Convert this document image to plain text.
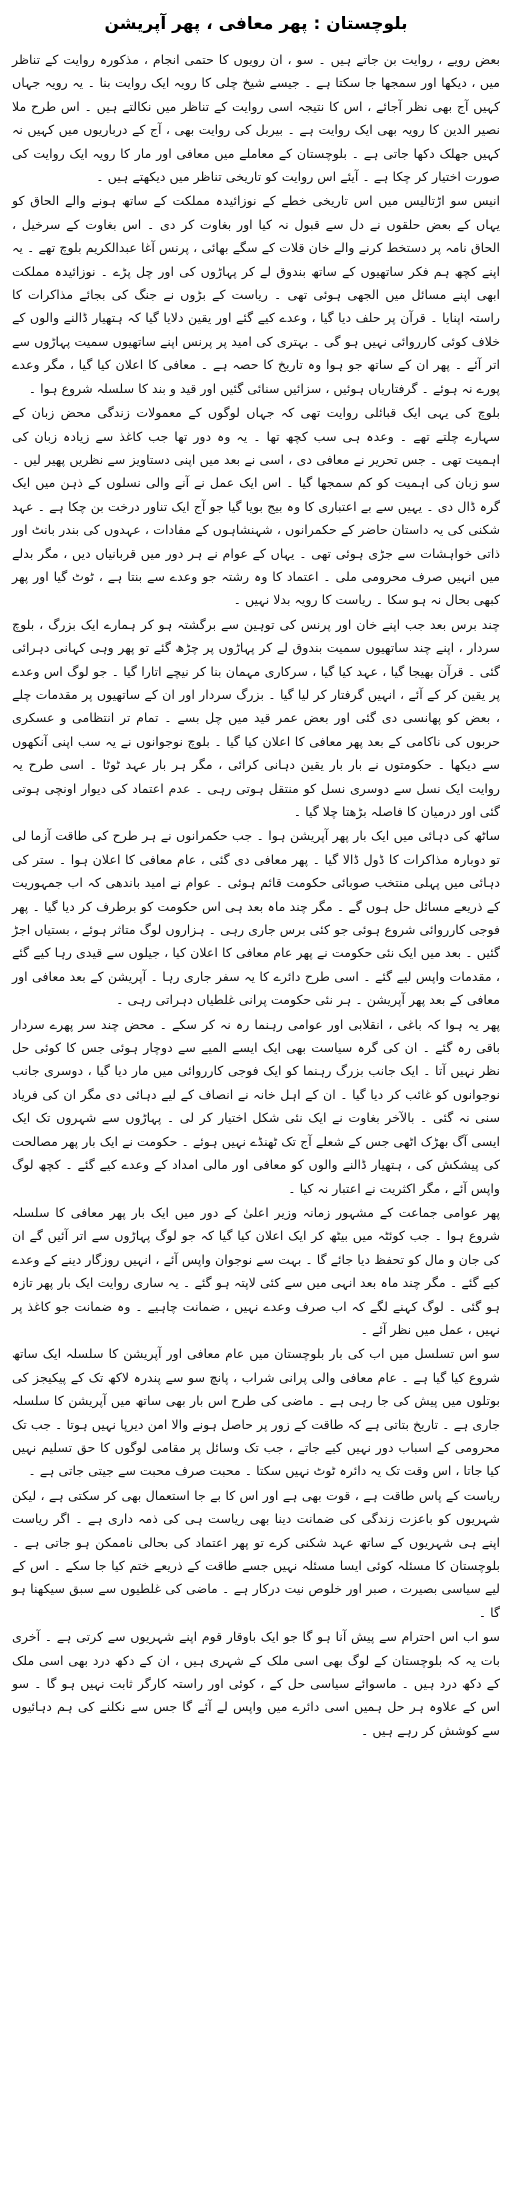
بلوچستان : پھر معافی ، پھر آپریشن

بعض رویے ، روایت بن جاتے ہیں ۔ سو ، ان رویوں کا حتمی انجام ، مذکورہ روایت کے تناظر میں ، دیکھا اور سمجھا جا سکتا ہے ۔ جیسے شیخ چلی کا رویہ ایک روایت بنا ۔ یہ رویہ جہاں کہیں آج بھی نظر آجائے ، اس کا نتیجہ اسی روایت کے تناظر میں نکالتے ہیں ۔ اس طرح ملا نصیر الدین کا رویہ بھی ایک روایت ہے ۔ بیربل کی روایت بھی ، آج کے درباریوں میں کہیں نہ کہیں جھلک دکھا جاتی ہے ۔ بلوچستان کے معاملے میں معافی اور مار کا رویہ ایک روایت کی صورت اختیار کر چکا ہے ۔ آیئے اس روایت کو تاریخی تناظر میں دیکھتے ہیں ۔

انیس سو اڑتالیس میں اس تاریخی خطے کے نوزائیدہ مملکت کے ساتھ ہونے والے الحاق کو یہاں کے بعض حلقوں نے دل سے قبول نہ کیا اور بغاوت کر دی ۔ اس بغاوت کے سرخیل ، الحاق نامہ پر دستخط کرنے والے خان قلات کے سگے بھائی ، پرنس آغا عبدالکریم بلوچ تھے ۔ یہ اپنے کچھ ہم فکر ساتھیوں کے ساتھ بندوق لے کر پہاڑوں کی اور چل پڑے ۔ نوزائیدہ مملکت ابھی اپنے مسائل میں الجھی ہوئی تھی ۔ ریاست کے بڑوں نے جنگ کی بجائے مذاکرات کا راستہ اپنایا ۔ قرآن پر حلف دیا گیا ، وعدے کیے گئے اور یقین دلایا گیا کہ ہتھیار ڈالنے والوں کے خلاف کوئی کارروائی نہیں ہو گی ۔ بہتری کی امید پر پرنس اپنے ساتھیوں سمیت پہاڑوں سے اتر آئے ۔ پھر ان کے ساتھ جو ہوا وہ تاریخ کا حصہ ہے ۔ معافی کا اعلان کیا گیا ، مگر وعدے پورے نہ ہوئے ۔ گرفتاریاں ہوئیں ، سزائیں سنائی گئیں اور قید و بند کا سلسلہ شروع ہوا ۔

بلوچ کی یہی ایک قبائلی روایت تھی کہ جہاں لوگوں کے معمولات زندگی محض زبان کے سہارے چلتے تھے ۔ وعدہ ہی سب کچھ تھا ۔ یہ وہ دور تھا جب کاغذ سے زیادہ زبان کی اہمیت تھی ۔ جس تحریر نے معافی دی ، اسی نے بعد میں اپنی دستاویز سے نظریں پھیر لیں ۔ سو زبان کی اہمیت کو کم سمجھا گیا ۔ اس ایک عمل نے آنے والی نسلوں کے ذہن میں ایک گرہ ڈال دی ۔ یہیں سے بے اعتباری کا وہ بیج بویا گیا جو آج ایک تناور درخت بن چکا ہے ۔ عہد شکنی کی یہ داستان حاضر کے حکمرانوں ، شہنشاہوں کے مفادات ، عہدوں کی بندر بانٹ اور ذاتی خواہشات سے جڑی ہوئی تھی ۔ یہاں کے عوام نے ہر دور میں قربانیاں دیں ، مگر بدلے میں انہیں صرف محرومی ملی ۔ اعتماد کا وہ رشتہ جو وعدے سے بنتا ہے ، ٹوٹ گیا اور پھر کبھی بحال نہ ہو سکا ۔ ریاست کا رویہ بدلا نہیں ۔

چند برس بعد جب اپنے خان اور پرنس کی توہین سے برگشتہ ہو کر ہمارے ایک بزرگ ، بلوچ سردار ، اپنے چند ساتھیوں سمیت بندوق لے کر پہاڑوں پر چڑھ گئے تو پھر وہی کہانی دہرائی گئی ۔ قرآن بھیجا گیا ، عہد کیا گیا ، سرکاری مہمان بنا کر نیچے اتارا گیا ۔ جو لوگ اس وعدے پر یقین کر کے آئے ، انہیں گرفتار کر لیا گیا ۔ بزرگ سردار اور ان کے ساتھیوں پر مقدمات چلے ، بعض کو پھانسی دی گئی اور بعض عمر قید میں چل بسے ۔ تمام تر انتظامی و عسکری حربوں کی ناکامی کے بعد پھر معافی کا اعلان کیا گیا ۔ بلوچ نوجوانوں نے یہ سب اپنی آنکھوں سے دیکھا ۔ حکومتوں نے بار بار یقین دہانی کرائی ، مگر ہر بار عہد ٹوٹا ۔ اسی طرح یہ روایت ایک نسل سے دوسری نسل کو منتقل ہوتی رہی ۔ عدم اعتماد کی دیوار اونچی ہوتی گئی اور درمیان کا فاصلہ بڑھتا چلا گیا ۔

ساٹھ کی دہائی میں ایک بار پھر آپریشن ہوا ۔ جب حکمرانوں نے ہر طرح کی طاقت آزما لی تو دوبارہ مذاکرات کا ڈول ڈالا گیا ۔ پھر معافی دی گئی ، عام معافی کا اعلان ہوا ۔ ستر کی دہائی میں پہلی منتخب صوبائی حکومت قائم ہوئی ۔ عوام نے امید باندھی کہ اب جمہوریت کے ذریعے مسائل حل ہوں گے ۔ مگر چند ماہ بعد ہی اس حکومت کو برطرف کر دیا گیا ۔ پھر فوجی کارروائی شروع ہوئی جو کئی برس جاری رہی ۔ ہزاروں لوگ متاثر ہوئے ، بستیاں اجڑ گئیں ۔ بعد میں ایک نئی حکومت نے پھر عام معافی کا اعلان کیا ، جیلوں سے قیدی رہا کیے گئے ، مقدمات واپس لیے گئے ۔ اسی طرح دائرے کا یہ سفر جاری رہا ۔ آپریشن کے بعد معافی اور معافی کے بعد پھر آپریشن ۔ ہر نئی حکومت پرانی غلطیاں دہراتی رہی ۔

پھر یہ ہوا کہ باغی ، انقلابی اور عوامی رہنما رہ نہ کر سکے ۔ محض چند سر پھرے سردار باقی رہ گئے ۔ ان کی گرہ سیاست بھی ایک ایسے المیے سے دوچار ہوئی جس کا کوئی حل نظر نہیں آتا ۔ ایک جانب بزرگ رہنما کو ایک فوجی کارروائی میں مار دیا گیا ، دوسری جانب نوجوانوں کو غائب کر دیا گیا ۔ ان کے اہل خانہ نے انصاف کے لیے دہائی دی مگر ان کی فریاد سنی نہ گئی ۔ بالآخر بغاوت نے ایک نئی شکل اختیار کر لی ۔ پہاڑوں سے شہروں تک ایک ایسی آگ بھڑک اٹھی جس کے شعلے آج تک ٹھنڈے نہیں ہوئے ۔ حکومت نے ایک بار پھر مصالحت کی پیشکش کی ، ہتھیار ڈالنے والوں کو معافی اور مالی امداد کے وعدے کیے گئے ۔ کچھ لوگ واپس آئے ، مگر اکثریت نے اعتبار نہ کیا ۔

پھر عوامی جماعت کے مشہور زمانہ وزیر اعلیٰ کے دور میں ایک بار پھر معافی کا سلسلہ شروع ہوا ۔ جب کوئٹہ میں بیٹھ کر ایک اعلان کیا گیا کہ جو لوگ پہاڑوں سے اتر آئیں گے ان کی جان و مال کو تحفظ دیا جائے گا ۔ بہت سے نوجوان واپس آئے ، انہیں روزگار دینے کے وعدے کیے گئے ۔ مگر چند ماہ بعد انہی میں سے کئی لاپتہ ہو گئے ۔ یہ ساری روایت ایک بار پھر تازہ ہو گئی ۔ لوگ کہنے لگے کہ اب صرف وعدے نہیں ، ضمانت چاہیے ۔ وہ ضمانت جو کاغذ پر نہیں ، عمل میں نظر آئے ۔

سو اس تسلسل میں اب کی بار بلوچستان میں عام معافی اور آپریشن کا سلسلہ ایک ساتھ شروع کیا گیا ہے ۔ عام معافی والی پرانی شراب ، پانچ سو سے پندرہ لاکھ تک کے پیکیجز کی بوتلوں میں پیش کی جا رہی ہے ۔ ماضی کی طرح اس بار بھی ساتھ میں آپریشن کا سلسلہ جاری ہے ۔ تاریخ بتاتی ہے کہ طاقت کے زور پر حاصل ہونے والا امن دیرپا نہیں ہوتا ۔ جب تک محرومی کے اسباب دور نہیں کیے جاتے ، جب تک وسائل پر مقامی لوگوں کا حق تسلیم نہیں کیا جاتا ، اس وقت تک یہ دائرہ ٹوٹ نہیں سکتا ۔ محبت صرف محبت سے جیتی جاتی ہے ۔

ریاست کے پاس طاقت ہے ، قوت بھی ہے اور اس کا بے جا استعمال بھی کر سکتی ہے ، لیکن شہریوں کو باعزت زندگی کی ضمانت دینا بھی ریاست ہی کی ذمہ داری ہے ۔ اگر ریاست اپنے ہی شہریوں کے ساتھ عہد شکنی کرے تو پھر اعتماد کی بحالی ناممکن ہو جاتی ہے ۔ بلوچستان کا مسئلہ کوئی ایسا مسئلہ نہیں جسے طاقت کے ذریعے ختم کیا جا سکے ۔ اس کے لیے سیاسی بصیرت ، صبر اور خلوص نیت درکار ہے ۔ ماضی کی غلطیوں سے سبق سیکھنا ہو گا ۔

سو اب اس احترام سے پیش آنا ہو گا جو ایک باوقار قوم اپنے شہریوں سے کرتی ہے ۔ آخری بات یہ کہ بلوچستان کے لوگ بھی اسی ملک کے شہری ہیں ، ان کے دکھ درد بھی اسی ملک کے دکھ درد ہیں ۔ ماسوائے سیاسی حل کے ، کوئی اور راستہ کارگر ثابت نہیں ہو گا ۔ سو اس کے علاوہ ہر حل ہمیں اسی دائرے میں واپس لے آئے گا جس سے نکلنے کی ہم دہائیوں سے کوشش کر رہے ہیں ۔
